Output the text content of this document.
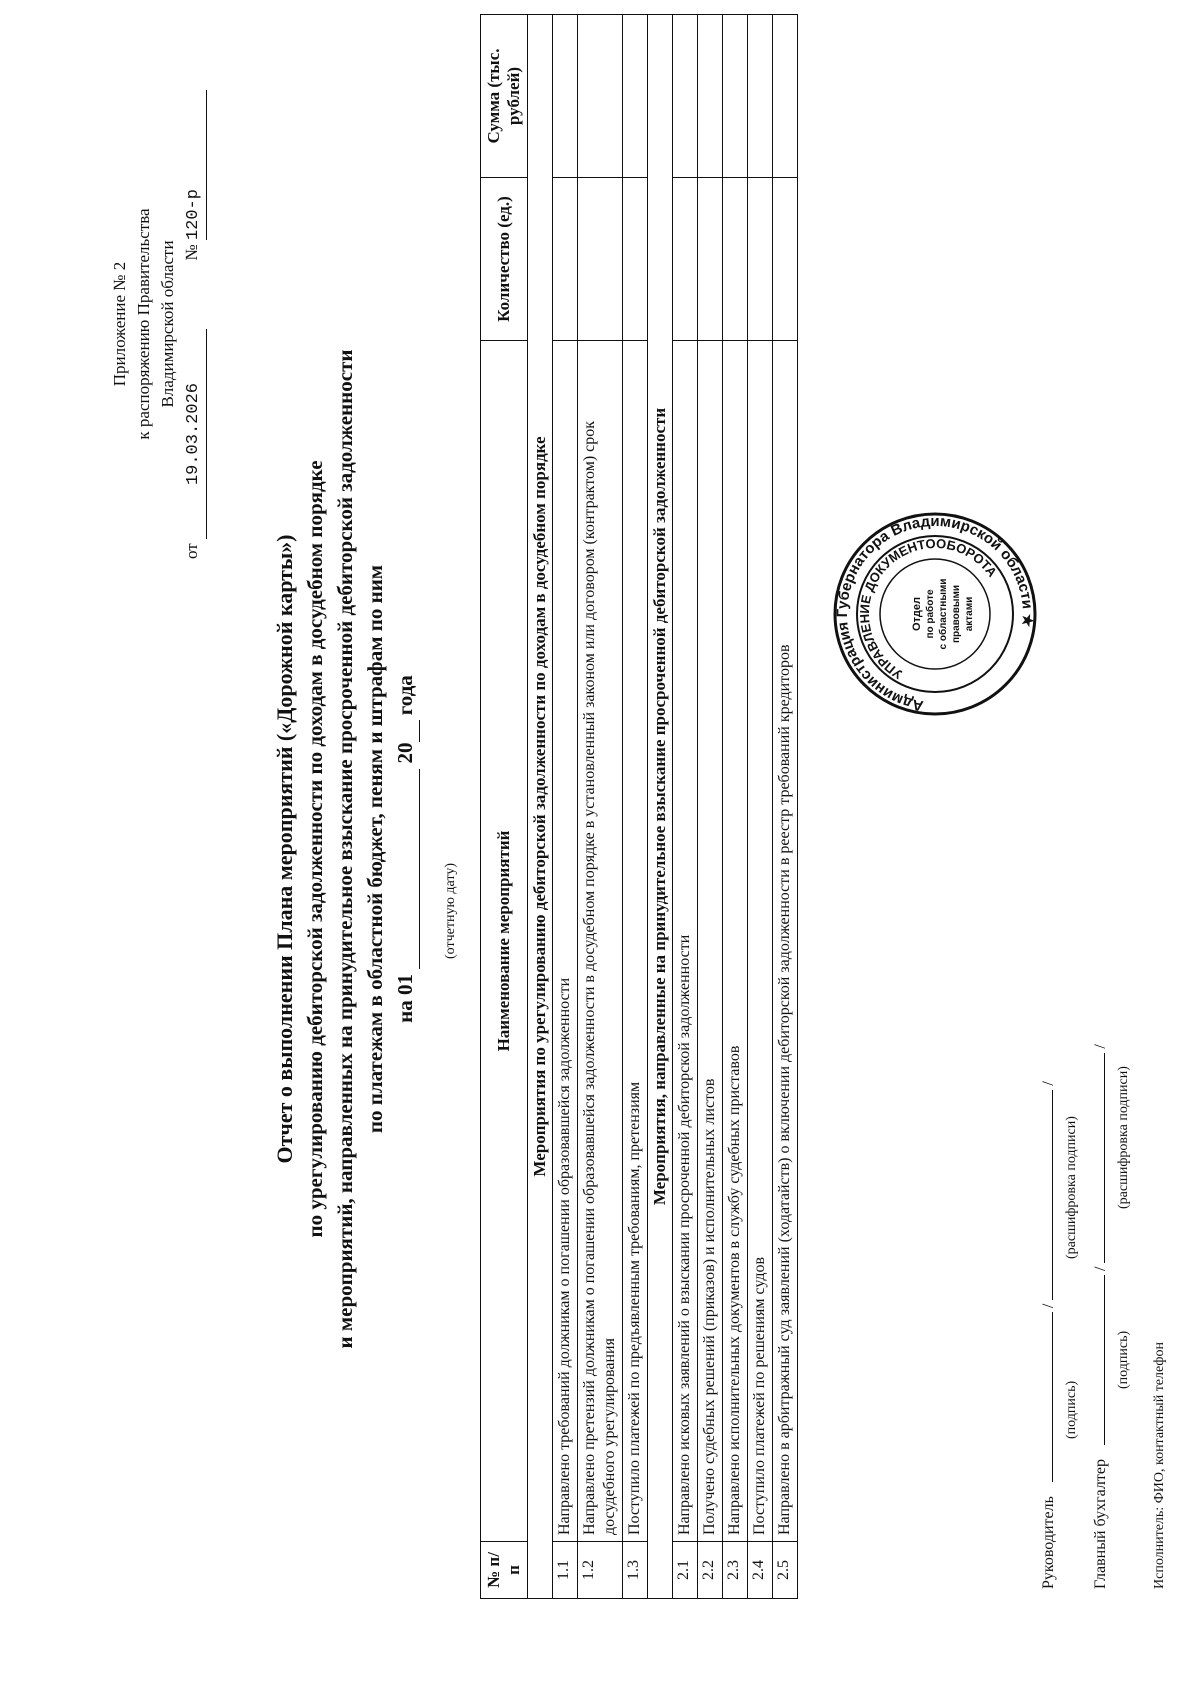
Приложение № 2 к распоряжению Правительства Владимирской области
от 19.03.2026  № 120-р
Отчет о выполнении Плана мероприятий («Дорожной карты») по урегулированию дебиторской задолженности по доходам в досудебном порядке и мероприятий, направленных на принудительное взыскание просроченной дебиторской задолженности по платежам в областной бюджет, пеням и штрафам по ним на 01  20 года
(отчетную дату)
№ п/п	Наименование мероприятий	Количество (ед.)	Сумма (тыс. рублей)
Мероприятия по урегулированию дебиторской задолженности по доходам в досудебном порядке			
1.1	Направлено требований должникам о погашении образовавшейся задолженности		
1.2	Направлено претензий должникам о погашении образовавшейся задолженности в досудебном порядке в установленный законом или договором (контрактом) срок досудебного урегулирования		
1.3	Поступило платежей по предъявленным требованиям, претензиям		
Мероприятия, направленные на принудительное взыскание просроченной дебиторской задолженности			
2.1	Направлено исковых заявлений о взыскании просроченной дебиторской задолженности		
2.2	Получено судебных решений (приказов) и исполнительных листов		
2.3	Направлено исполнительных документов в службу судебных приставов		
2.4	Поступило платежей по решениям судов		
2.5	Направлено в арбитражный суд заявлений (ходатайств) о включении дебиторской задолженности в реестр требований кредиторов		
Руководитель  /  /
(подпись)
(расшифровка подписи)
Главный бухгалтер  /  /
(подпись)
(расшифровка подписи)
Исполнитель: ФИО, контактный телефон
Администрация Губернатора Владимирской области ★
УПРАВЛЕНИЕ ДОКУМЕНТООБОРОТА
Отдел по работе с областными правовыми актами
